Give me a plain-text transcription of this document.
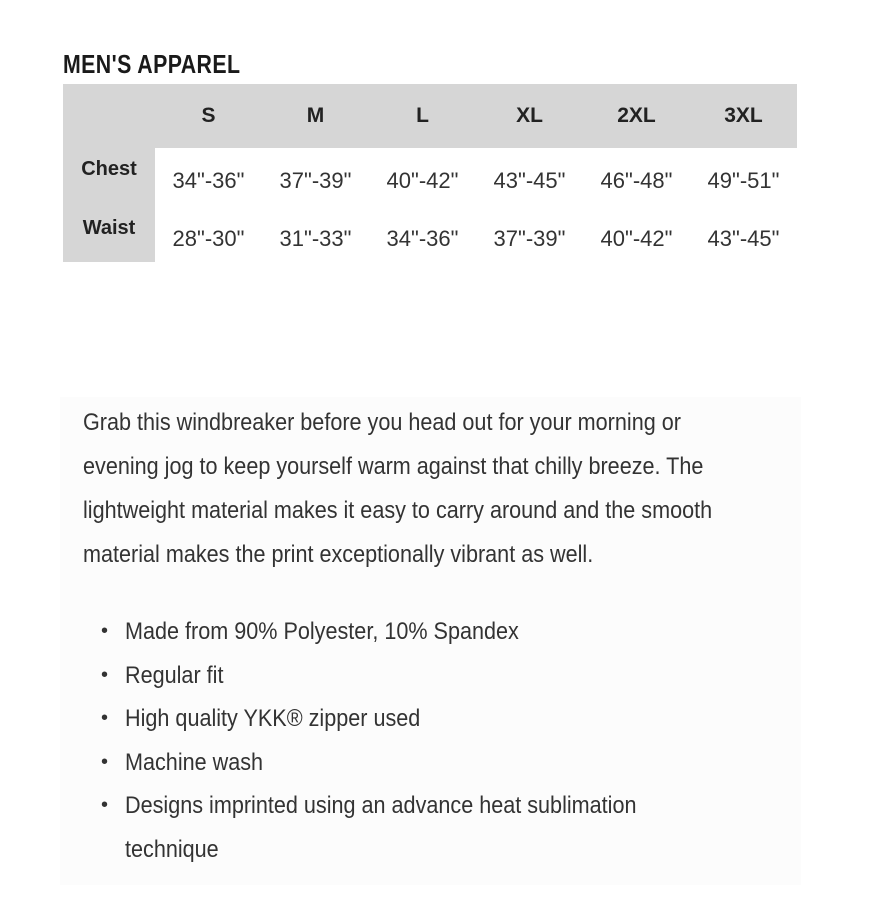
MEN'S APPAREL
	S	M	L	XL	2XL	3XL
Chest	34"-36"	37"-39"	40"-42"	43"-45"	46"-48"	49"-51"
Waist	28"-30"	31"-33"	34"-36"	37"-39"	40"-42"	43"-45"

Grab this windbreaker before you head out for your morning or evening jog to keep yourself warm against that chilly breeze. The lightweight material makes it easy to carry around and the smooth material makes the print exceptionally vibrant as well.

• Made from 90% Polyester, 10% Spandex
• Regular fit
• High quality YKK® zipper used
• Machine wash
• Designs imprinted using an advance heat sublimation technique
